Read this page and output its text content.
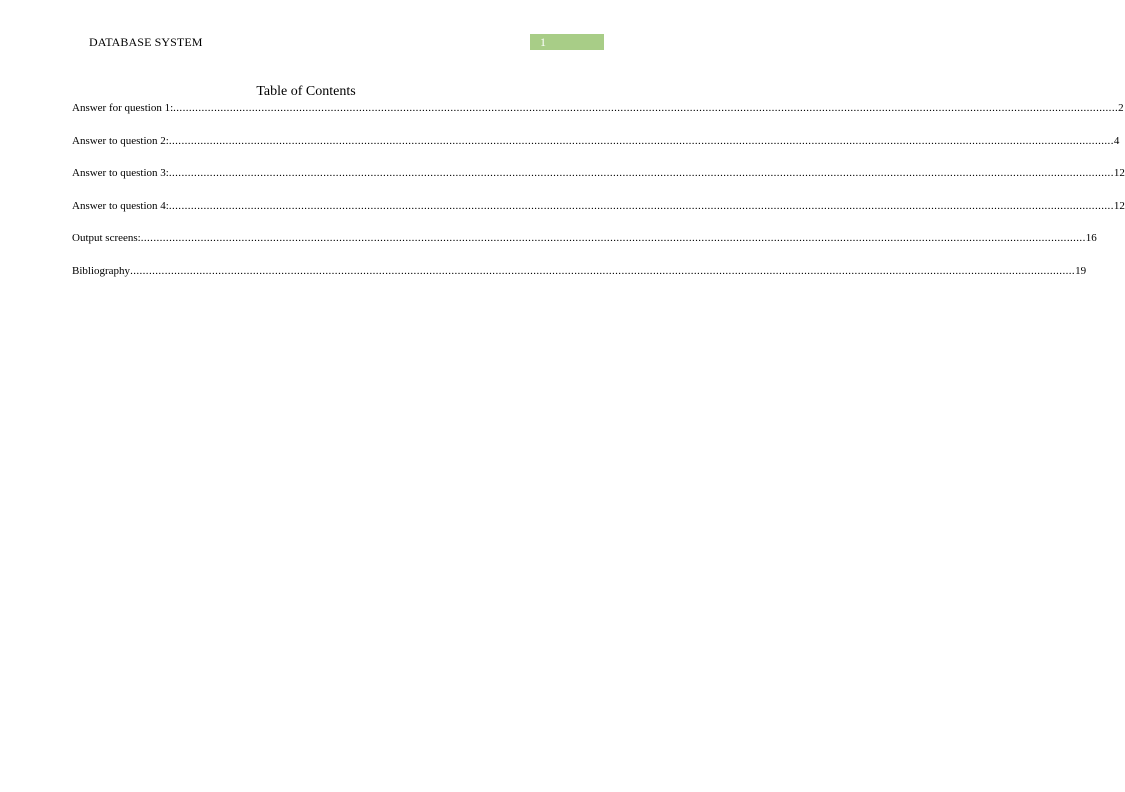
DATABASE SYSTEM	1
Table of Contents
Answer for question 1: ............................................................................................................................................................................................................................................................................................................ 2
Answer to question 2: ............................................................................................................................................................................................................................................................................................................ 4
Answer to question 3: ............................................................................................................................................................................................................................................................................................................ 12
Answer to question 4: ............................................................................................................................................................................................................................................................................................................ 12
Output screens: ............................................................................................................................................................................................................................................................................................................ 16
Bibliography ............................................................................................................................................................................................................................................................................................................ 19
